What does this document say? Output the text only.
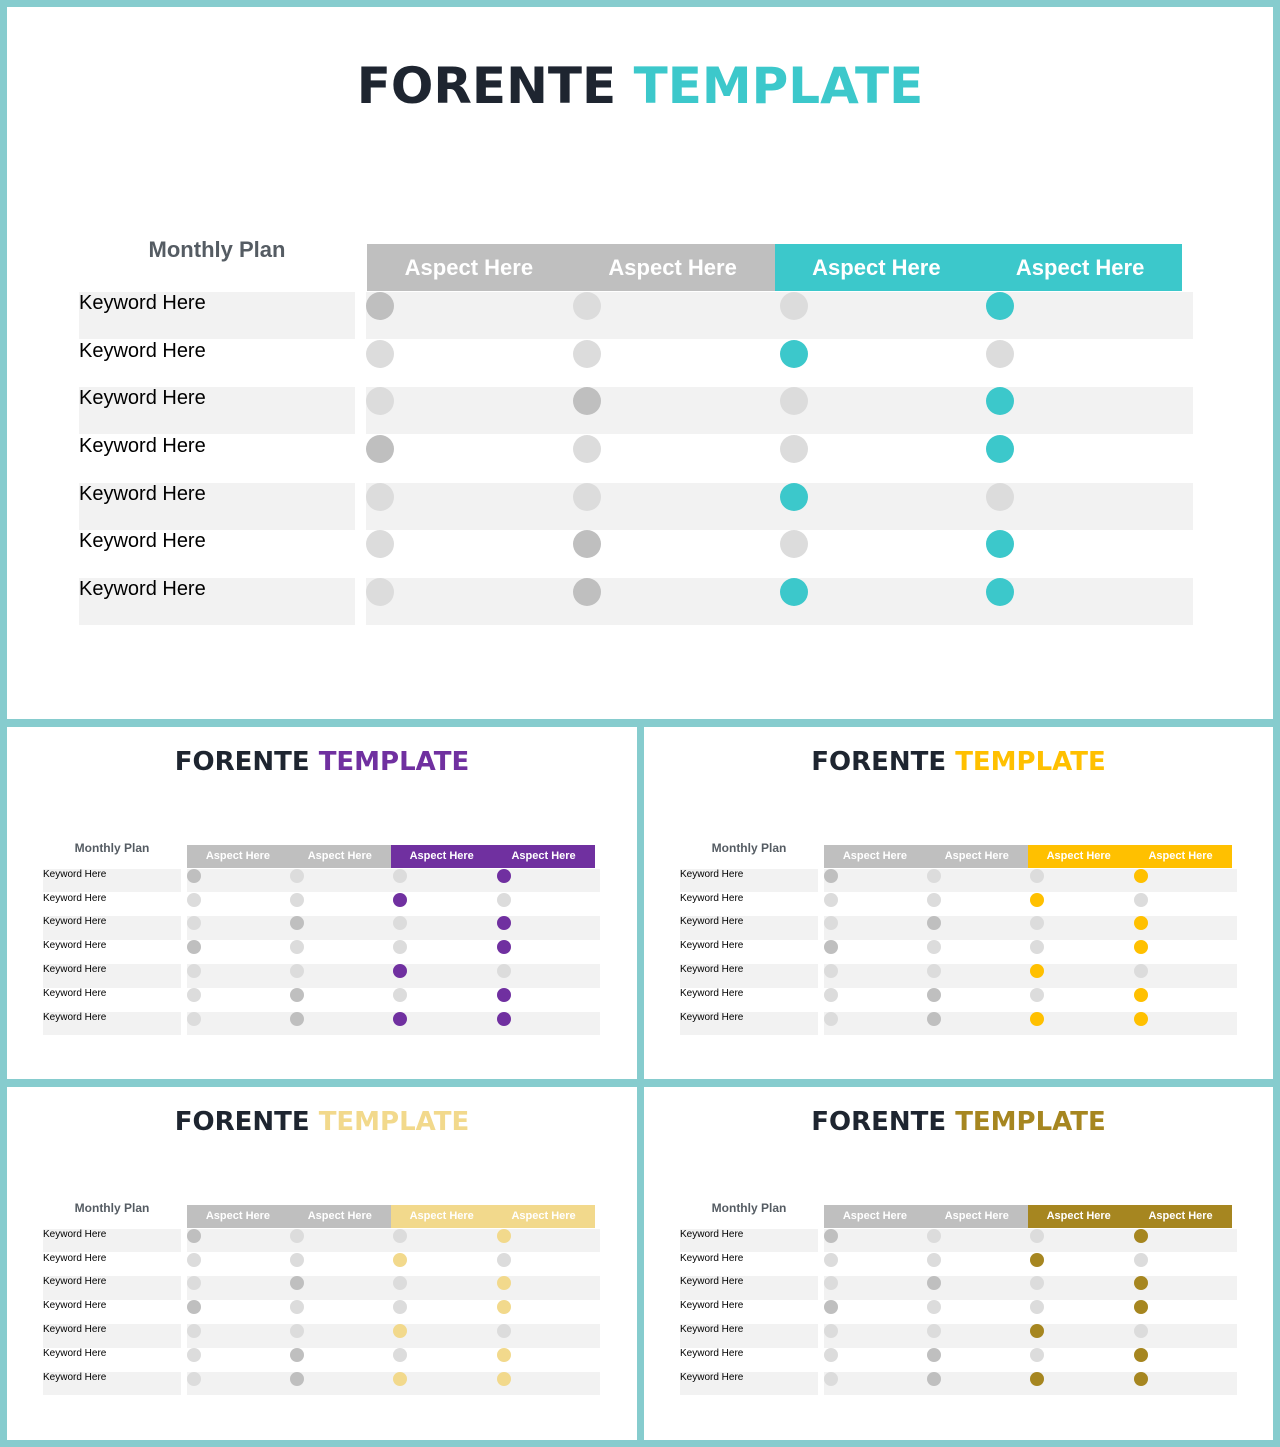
FORENTE TEMPLATE
Monthly Plan
Aspect Here	Aspect Here	Aspect Here	Aspect Here
Keyword Here
Keyword Here
Keyword Here
Keyword Here
Keyword Here
Keyword Here
Keyword Here
FORENTE TEMPLATE
Monthly Plan
Aspect Here	Aspect Here	Aspect Here	Aspect Here
Keyword Here
Keyword Here
Keyword Here
Keyword Here
Keyword Here
Keyword Here
Keyword Here
FORENTE TEMPLATE
Monthly Plan
Aspect Here	Aspect Here	Aspect Here	Aspect Here
Keyword Here
Keyword Here
Keyword Here
Keyword Here
Keyword Here
Keyword Here
Keyword Here
FORENTE TEMPLATE
Monthly Plan
Aspect Here	Aspect Here	Aspect Here	Aspect Here
Keyword Here
Keyword Here
Keyword Here
Keyword Here
Keyword Here
Keyword Here
Keyword Here
FORENTE TEMPLATE
Monthly Plan
Aspect Here	Aspect Here	Aspect Here	Aspect Here
Keyword Here
Keyword Here
Keyword Here
Keyword Here
Keyword Here
Keyword Here
Keyword Here
